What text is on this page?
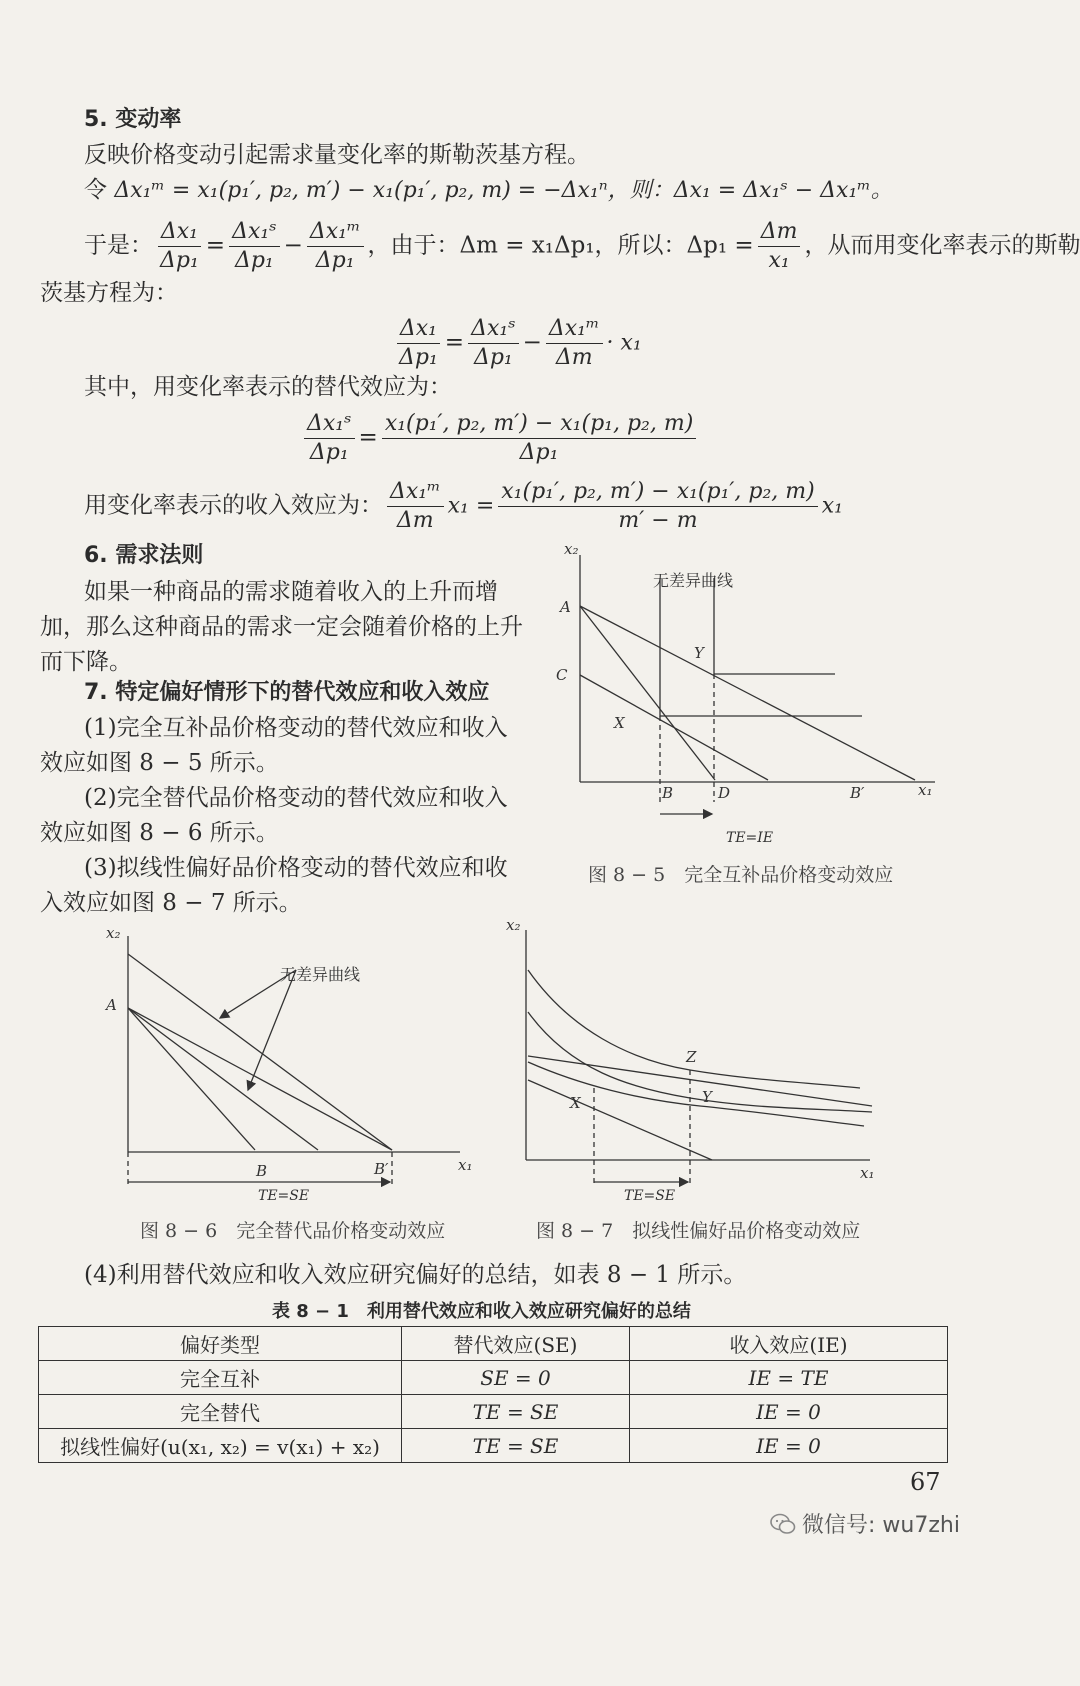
5. 变动率
反映价格变动引起需求量变化率的斯勒茨基方程。
令 Δx₁ᵐ = x₁(p₁′, p₂, m′) − x₁(p₁′, p₂, m) = −Δx₁ⁿ，则：Δx₁ = Δx₁ˢ − Δx₁ᵐ。
于是： $\frac{\text{Δx₁}}{\text{Δp₁}} = \frac{\text{Δx₁ˢ}}{\text{Δp₁}} - \frac{\text{Δx₁ᵐ}}{\text{Δp₁}}$ ，由于：Δm = x₁Δp₁，所以：$\Delta p_1 = \frac{\Delta m}{\text{x₁}}$ ，从而用变化率表示的斯勒
茨基方程为：
$\frac{\text{Δx₁}}{\text{Δp₁}} = \frac{\text{Δx₁ˢ}}{\text{Δp₁}} - \frac{\text{Δx₁ᵐ}}{\Delta m} \cdot x_1$
其中，用变化率表示的替代效应为：
$\frac{\text{Δx₁ˢ}}{\text{Δp₁}} = \frac{\text{x₁(p₁′, p₂, m′) − x₁(p₁, p₂, m)}}{\text{Δp₁}}$
用变化率表示的收入效应为： $\frac{\text{Δx₁ᵐ}}{\Delta m} x_1 = \frac{\text{x₁(p₁′, p₂, m′) − x₁(p₁′, p₂, m)}}{m' - m} x_1$
6. 需求法则
如果一种商品的需求随着收入的上升而增
加，那么这种商品的需求一定会随着价格的上升
而下降。
7. 特定偏好情形下的替代效应和收入效应
(1)完全互补品价格变动的替代效应和收入
效应如图 8 − 5 所示。
(2)完全替代品价格变动的替代效应和收入
效应如图 8 − 6 所示。
(3)拟线性偏好品价格变动的替代效应和收
入效应如图 8 − 7 所示。
x₂
x₁
A
C
X
Y
B	D	B′
TE=IE
无差异曲线
图 8 − 5　完全互补品价格变动效应
x₂
x₁
A
B	B′
TE=SE
无差异曲线
图 8 − 6　完全替代品价格变动效应
x₂
x₁
Z
X	Y
TE=SE
图 8 − 7　拟线性偏好品价格变动效应
(4)利用替代效应和收入效应研究偏好的总结，如表 8 − 1 所示。
表 8 − 1　利用替代效应和收入效应研究偏好的总结
偏好类型	替代效应(SE)	收入效应(IE)
完全互补	SE = 0	IE = TE
完全替代	TE = SE	IE = 0
拟线性偏好(u(x₁, x₂) = v(x₁) + x₂)	TE = SE	IE = 0
67
微信号: wu7zhi
